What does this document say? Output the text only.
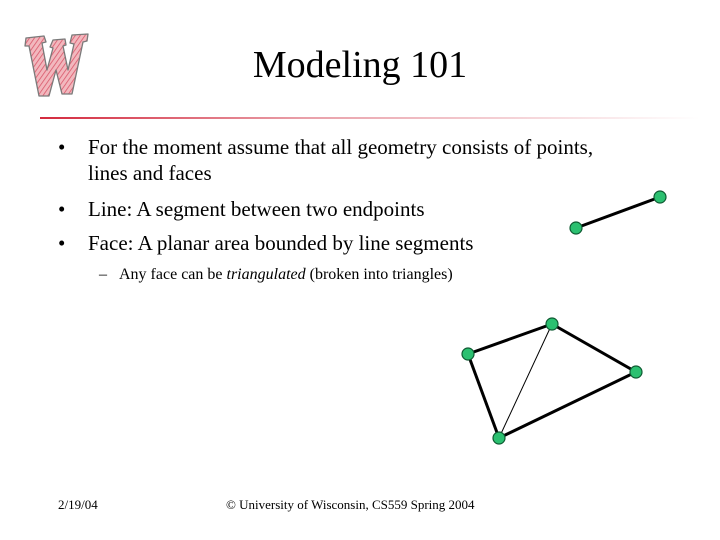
Modeling 101
• For the moment assume that all geometry consists of points,
lines and faces
• Line: A segment between two endpoints
• Face: A planar area bounded by line segments
– Any face can be triangulated (broken into triangles)
2/19/04	© University of Wisconsin, CS559 Spring 2004
